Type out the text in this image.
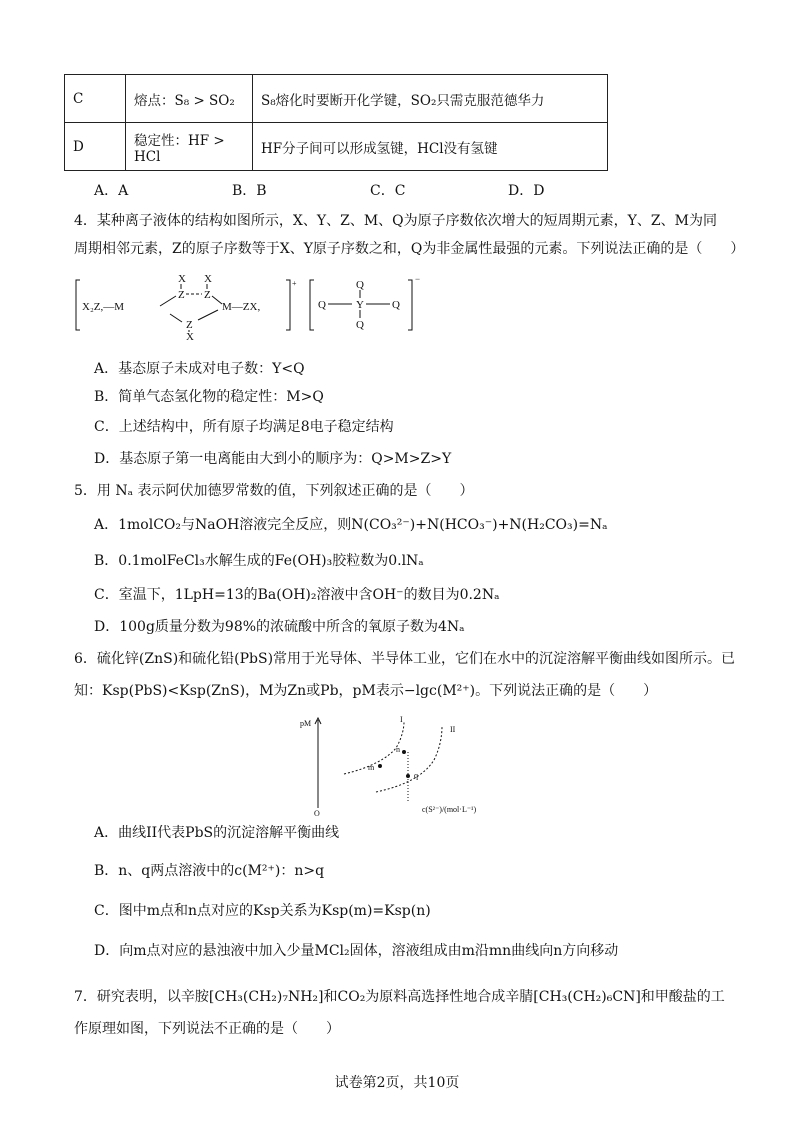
C	熔点：S₈ > SO₂	S₈熔化时要断开化学键，SO₂只需克服范德华力
D	稳定性：HF > HCl	HF分子间可以形成氢键，HCl没有氢键
A．A	B．B	C．C	D．D
4．某种离子液体的结构如图所示，X、Y、Z、M、Q为原子序数依次增大的短周期元素，Y、Z、M为同
周期相邻元素，Z的原子序数等于X、Y原子序数之和，Q为非金属性最强的元素。下列说法正确的是（　　）
X₂Z,—M
X X
Z Z
Z
X
M—ZX,
+	Q
Q	Y	Q
Q
−
A．基态原子未成对电子数：Y<Q
B．简单气态氢化物的稳定性：M>Q
C．上述结构中，所有原子均满足8电子稳定结构
D．基态原子第一电离能由大到小的顺序为：Q>M>Z>Y
5．用 Nₐ 表示阿伏加德罗常数的值，下列叙述正确的是（　　）
A．1molCO₂与NaOH溶液完全反应，则N(CO₃²⁻)+N(HCO₃⁻)+N(H₂CO₃)=Nₐ
B．0.1molFeCl₃水解生成的Fe(OH)₃胶粒数为0.lNₐ
C．室温下，1LpH=13的Ba(OH)₂溶液中含OH⁻的数目为0.2Nₐ
D．100g质量分数为98%的浓硫酸中所含的氧原子数为4Nₐ
6．硫化锌(ZnS)和硫化铅(PbS)常用于光导体、半导体工业，它们在水中的沉淀溶解平衡曲线如图所示。已
知：Ksp(PbS)<Ksp(ZnS)，M为Zn或Pb，pM表示−lgc(M²⁺)。下列说法正确的是（　　）
pM
O	c(S²⁻)/(mol·L⁻¹)
I
II
n
m
q
A．曲线II代表PbS的沉淀溶解平衡曲线
B．n、q两点溶液中的c(M²⁺)：n>q
C．图中m点和n点对应的Ksp关系为Ksp(m)=Ksp(n)
D．向m点对应的悬浊液中加入少量MCl₂固体，溶液组成由m沿mn曲线向n方向移动
7．研究表明，以辛胺[CH₃(CH₂)₇NH₂]和CO₂为原料高选择性地合成辛腈[CH₃(CH₂)₆CN]和甲酸盐的工
作原理如图，下列说法不正确的是（　　）
试卷第2页，共10页
